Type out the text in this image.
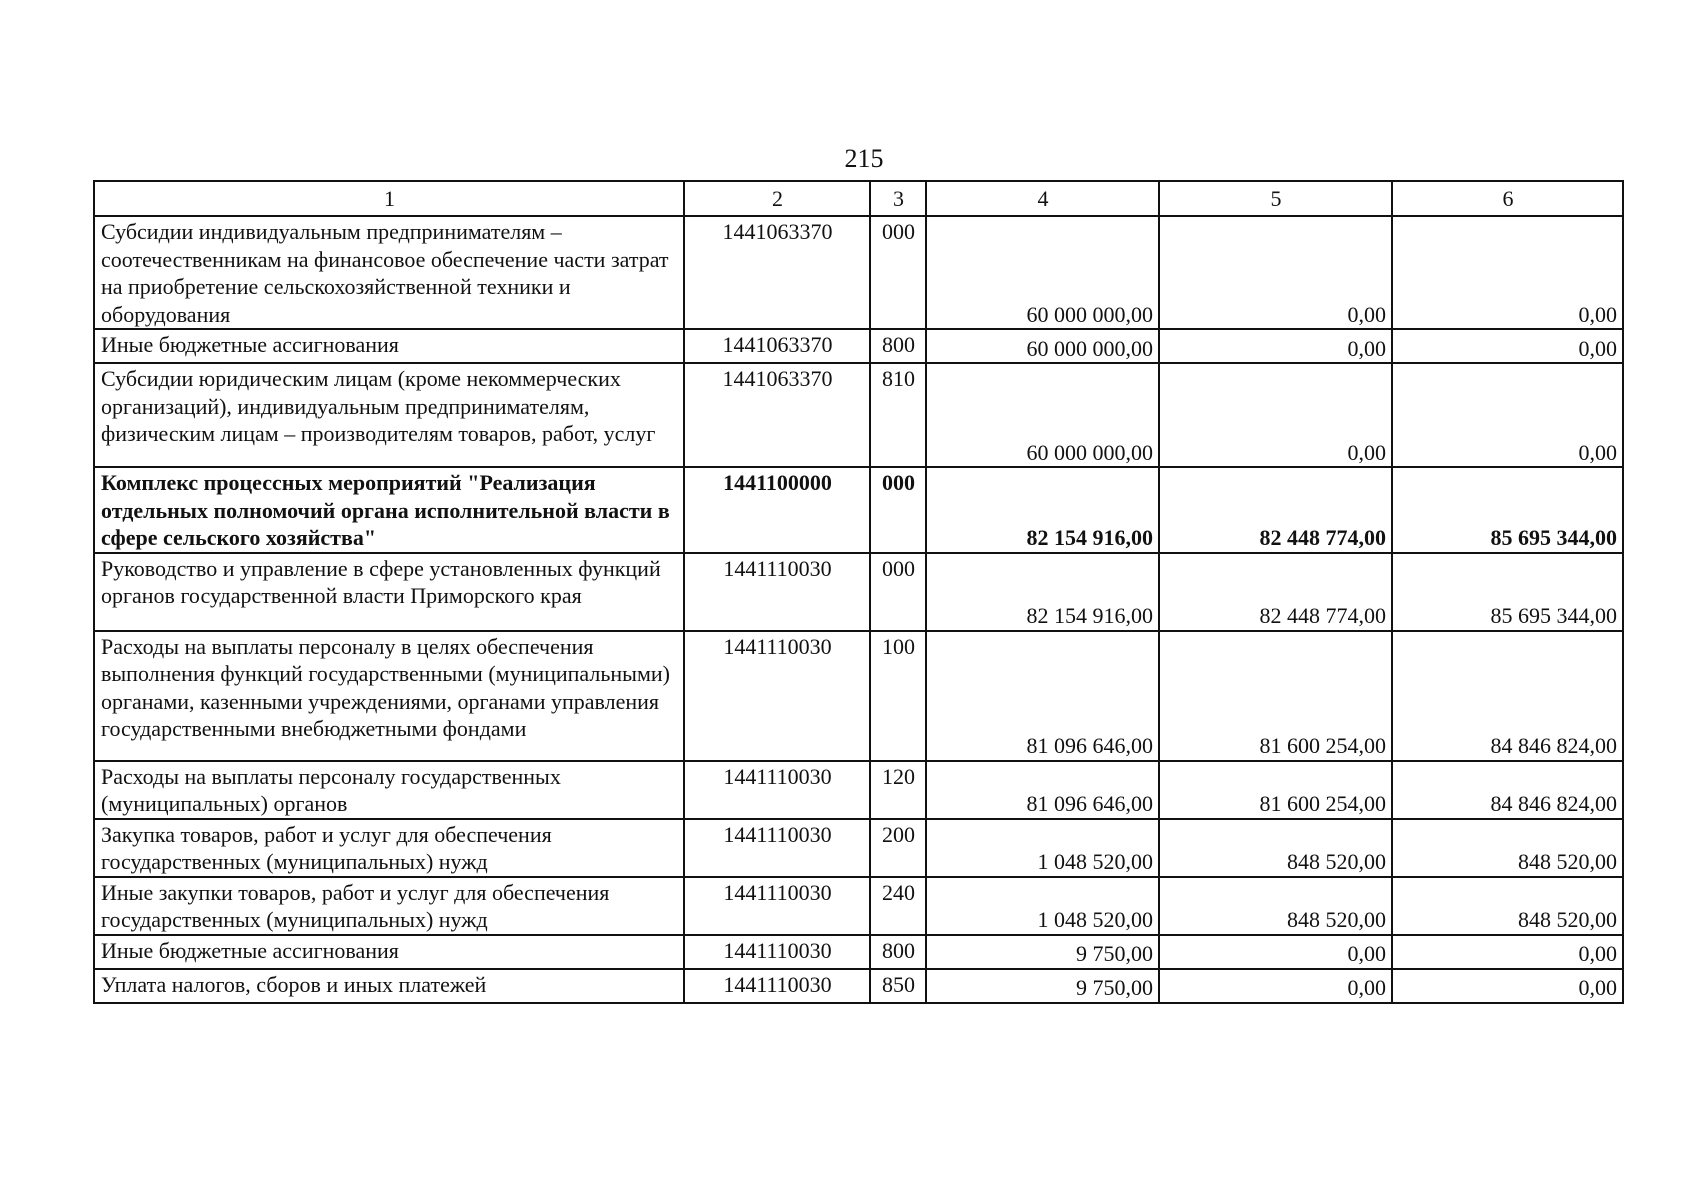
215
1	2	3	4	5	6
Субсидии индивидуальным предпринимателям – соотечественникам на финансовое обеспечение части затрат на приобретение сельскохозяйственной техники и оборудования	1441063370	000	60 000 000,00	0,00	0,00
Иные бюджетные ассигнования	1441063370	800	60 000 000,00	0,00	0,00
Субсидии юридическим лицам (кроме некоммерческих организаций), индивидуальным предпринимателям, физическим лицам – производителям товаров, работ, услуг	1441063370	810	60 000 000,00	0,00	0,00
Комплекс процессных мероприятий "Реализация отдельных полномочий органа исполнительной власти в сфере сельского хозяйства"	1441100000	000	82 154 916,00	82 448 774,00	85 695 344,00
Руководство и управление в сфере установленных функций органов государственной власти Приморского края	1441110030	000	82 154 916,00	82 448 774,00	85 695 344,00
Расходы на выплаты персоналу в целях обеспечения выполнения функций государственными (муниципальными) органами, казенными учреждениями, органами управления государственными внебюджетными фондами	1441110030	100	81 096 646,00	81 600 254,00	84 846 824,00
Расходы на выплаты персоналу государственных (муниципальных) органов	1441110030	120	81 096 646,00	81 600 254,00	84 846 824,00
Закупка товаров, работ и услуг для обеспечения государственных (муниципальных) нужд	1441110030	200	1 048 520,00	848 520,00	848 520,00
Иные закупки товаров, работ и услуг для обеспечения государственных (муниципальных) нужд	1441110030	240	1 048 520,00	848 520,00	848 520,00
Иные бюджетные ассигнования	1441110030	800	9 750,00	0,00	0,00
Уплата налогов, сборов и иных платежей	1441110030	850	9 750,00	0,00	0,00
